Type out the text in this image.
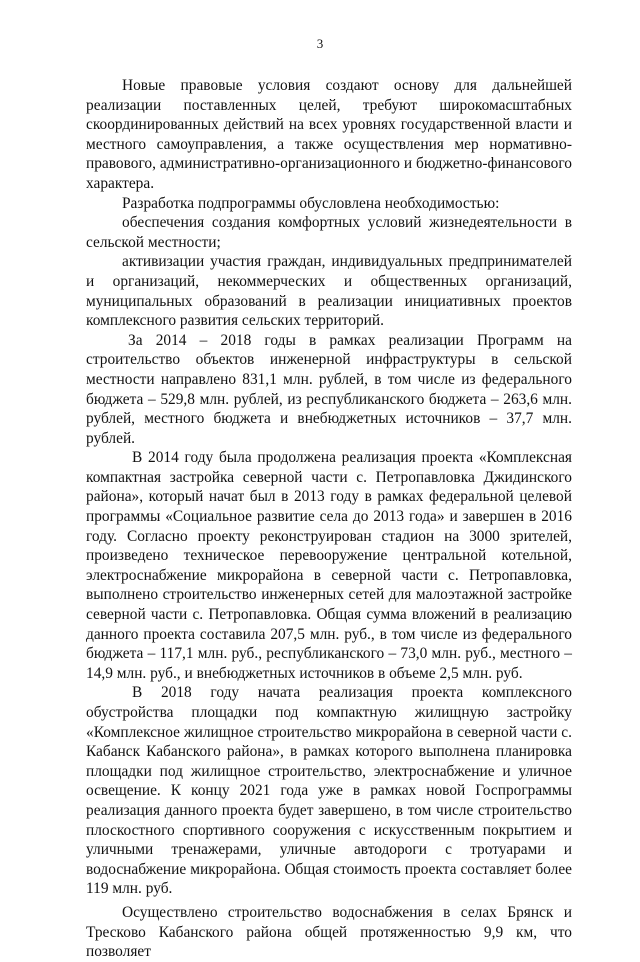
3

Новые правовые условия создают основу для дальнейшей реализации поставленных целей, требуют широкомасштабных скоординированных действий на всех уровнях государственной власти и местного самоуправления, а также осуществления мер нормативно-правового, административно-организационного и бюджетно-финансового характера.

Разработка подпрограммы обусловлена необходимостью:

обеспечения создания комфортных условий жизнедеятельности в сельской местности;

активизации участия граждан, индивидуальных предпринимателей и организаций, некоммерческих и общественных организаций, муниципальных образований в реализации инициативных проектов комплексного развития сельских территорий.

За 2014 – 2018 годы в рамках реализации Программ на строительство объектов инженерной инфраструктуры в сельской местности направлено 831,1 млн. рублей, в том числе из федерального бюджета – 529,8 млн. рублей, из республиканского бюджета – 263,6 млн. рублей, местного бюджета и внебюджетных источников – 37,7 млн. рублей.

В 2014 году была продолжена реализация проекта «Комплексная компактная застройка северной части с. Петропавловка Джидинского района», который начат был в 2013 году в рамках федеральной целевой программы «Социальное развитие села до 2013 года» и завершен в 2016 году. Согласно проекту реконструирован стадион на 3000 зрителей, произведено техническое перевооружение центральной котельной, электроснабжение микрорайона в северной части с. Петропавловка, выполнено строительство инженерных сетей для малоэтажной застройке северной части с. Петропавловка. Общая сумма вложений в реализацию данного проекта составила 207,5 млн. руб., в том числе из федерального бюджета – 117,1 млн. руб., республиканского – 73,0 млн. руб., местного – 14,9 млн. руб., и внебюджетных источников в объеме 2,5 млн. руб.

В 2018 году начата реализация проекта комплексного обустройства площадки под компактную жилищную застройку «Комплексное жилищное строительство микрорайона в северной части с. Кабанск Кабанского района», в рамках которого выполнена планировка площадки под жилищное строительство, электроснабжение и уличное освещение. К концу 2021 года уже в рамках новой Госпрограммы реализация данного проекта будет завершено, в том числе строительство плоскостного спортивного сооружения с искусственным покрытием и уличными тренажерами, уличные автодороги с тротуарами и водоснабжение микрорайона. Общая стоимость проекта составляет более 119 млн. руб.

Осуществлено строительство водоснабжения в селах Брянск и Тресково Кабанского района общей протяженностью 9,9 км, что позволяет
